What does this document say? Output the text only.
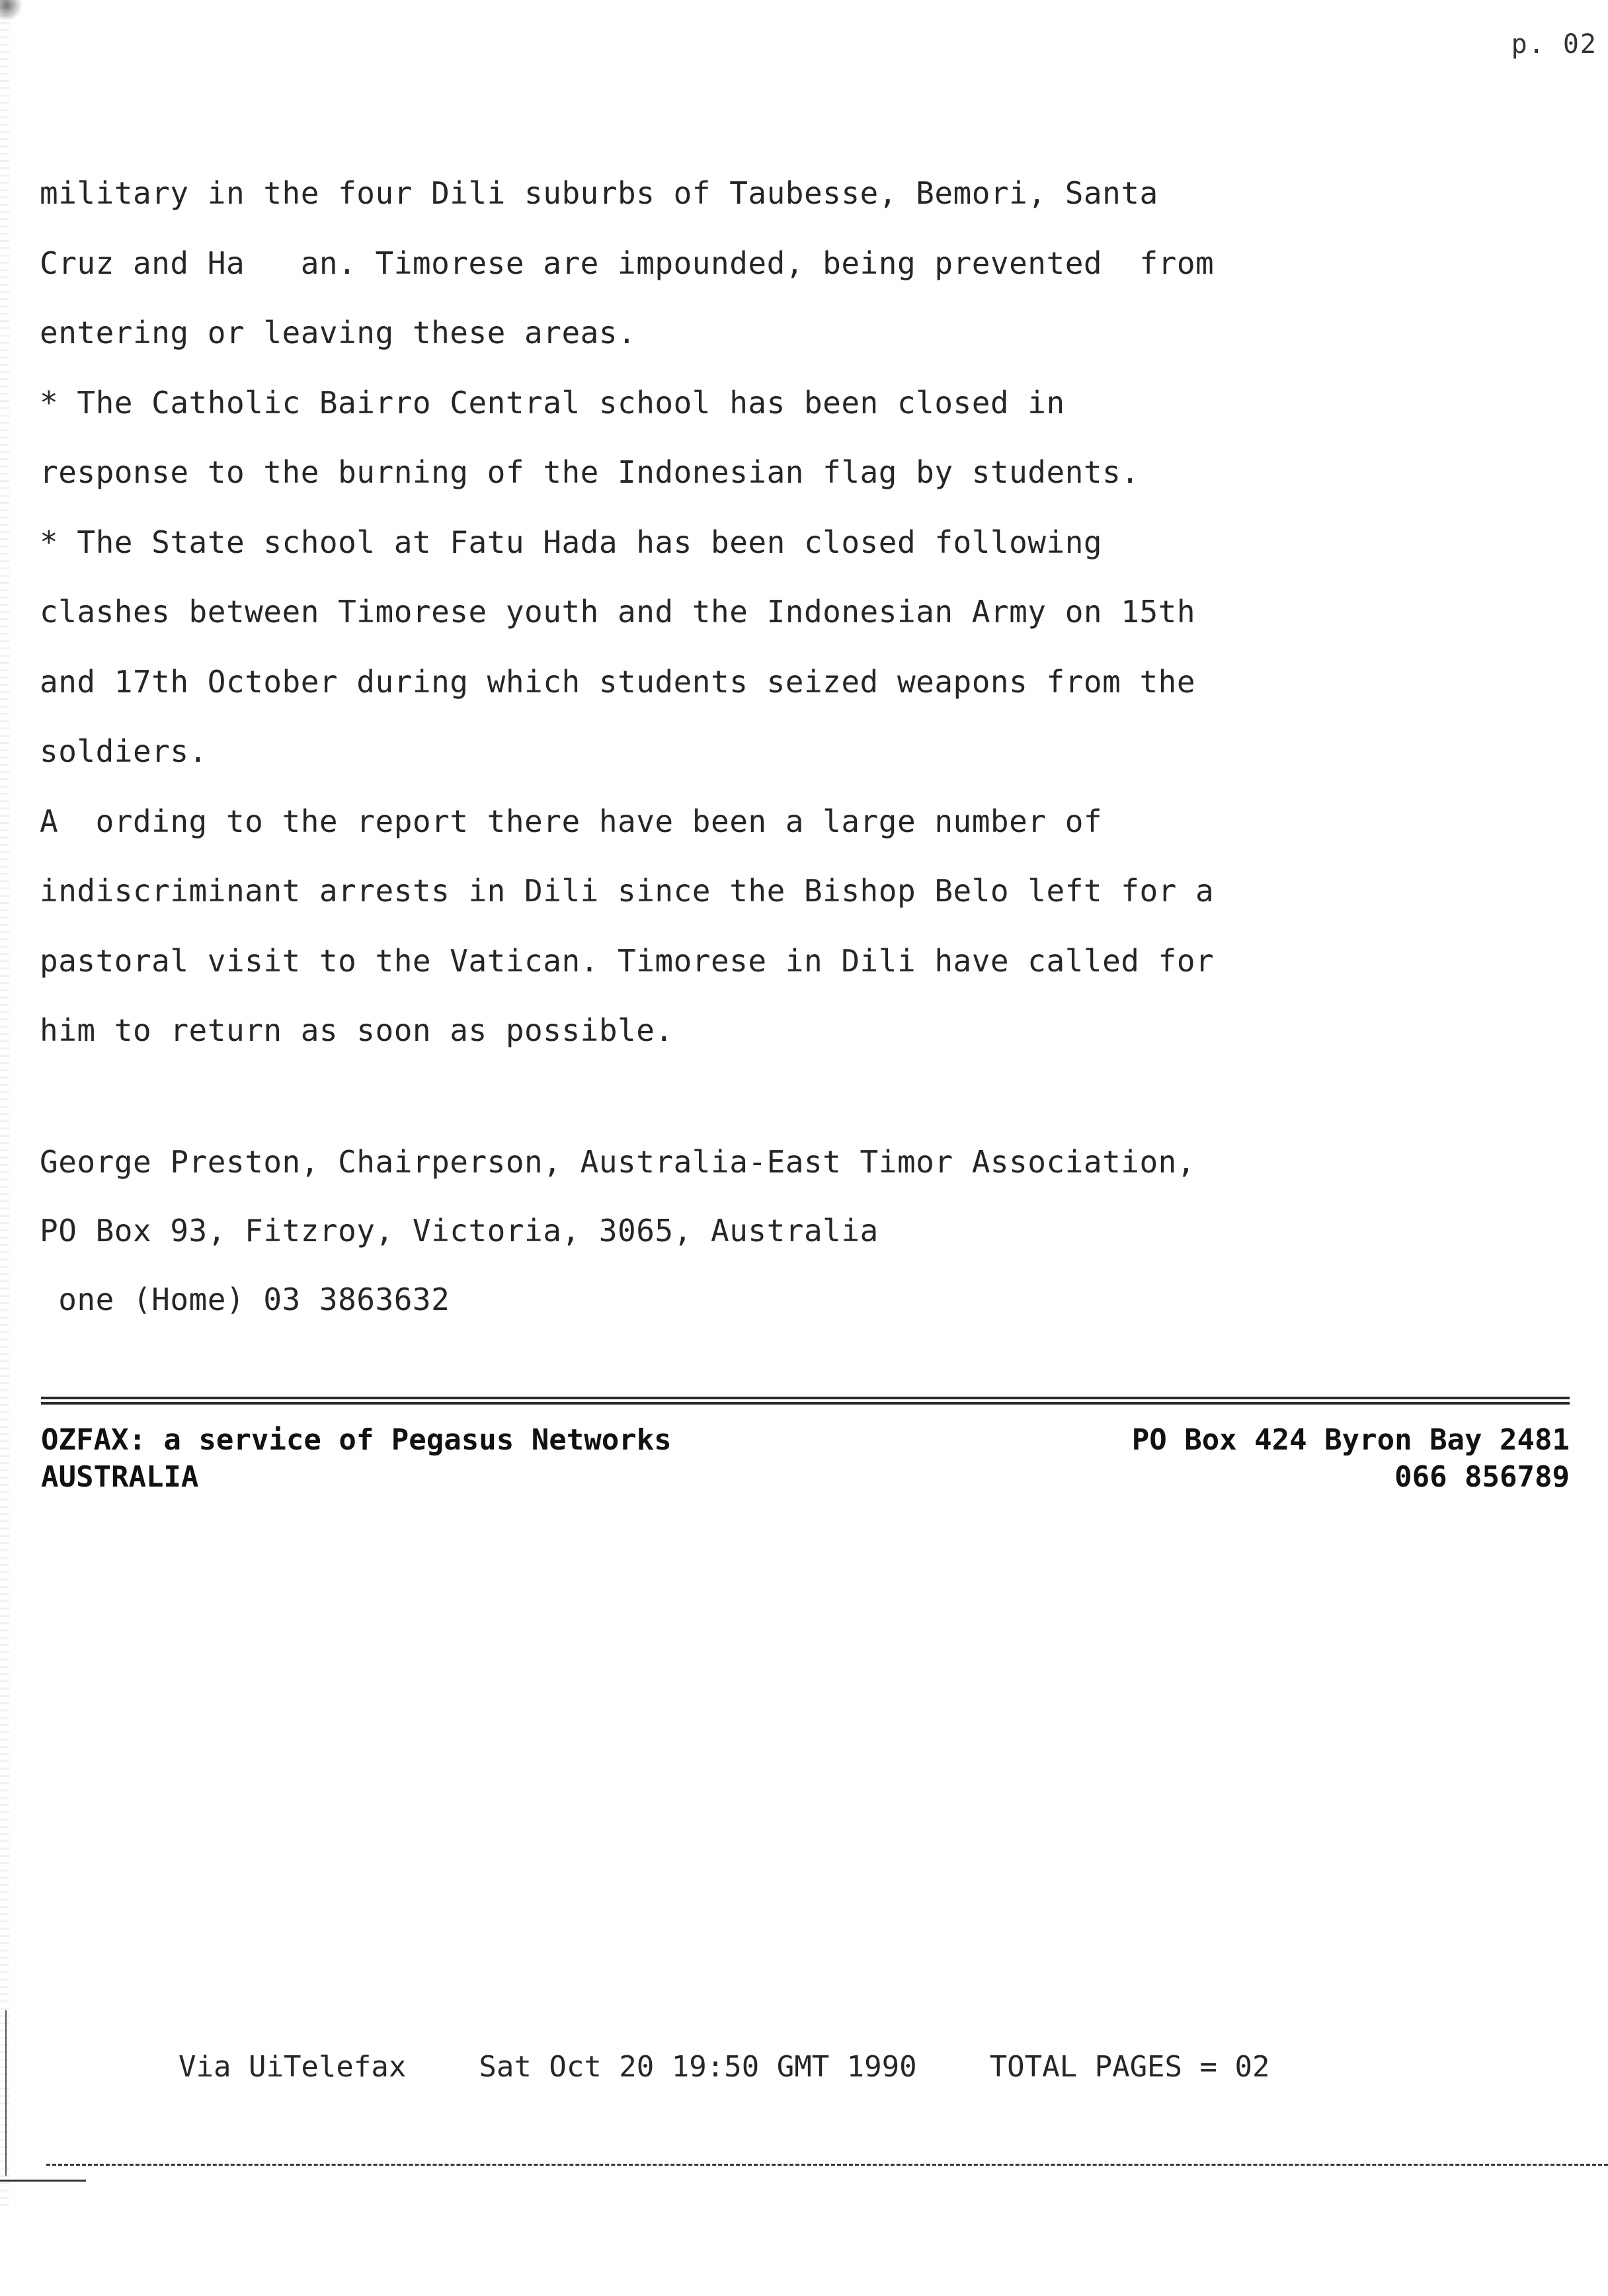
p. 02
military in the four Dili suburbs of Taubesse, Bemori, Santa
Cruz and Ha   an. Timorese are impounded, being prevented  from
entering or leaving these areas.
* The Catholic Bairro Central school has been closed in
response to the burning of the Indonesian flag by students.
* The State school at Fatu Hada has been closed following
clashes between Timorese youth and the Indonesian Army on 15th
and 17th October during which students seized weapons from the
soldiers.
A  ording to the report there have been a large number of
indiscriminant arrests in Dili since the Bishop Belo left for a
pastoral visit to the Vatican. Timorese in Dili have called for
him to return as soon as possible.
George Preston, Chairperson, Australia-East Timor Association,
PO Box 93, Fitzroy, Victoria, 3065, Australia
one (Home) 03 3863632
OZFAX: a service of Pegasus Networks
AUSTRALIA
PO Box 424 Byron Bay 2481
066 856789
Via UiTelefax	Sat Oct 20 19:50 GMT 1990	TOTAL PAGES = 02
